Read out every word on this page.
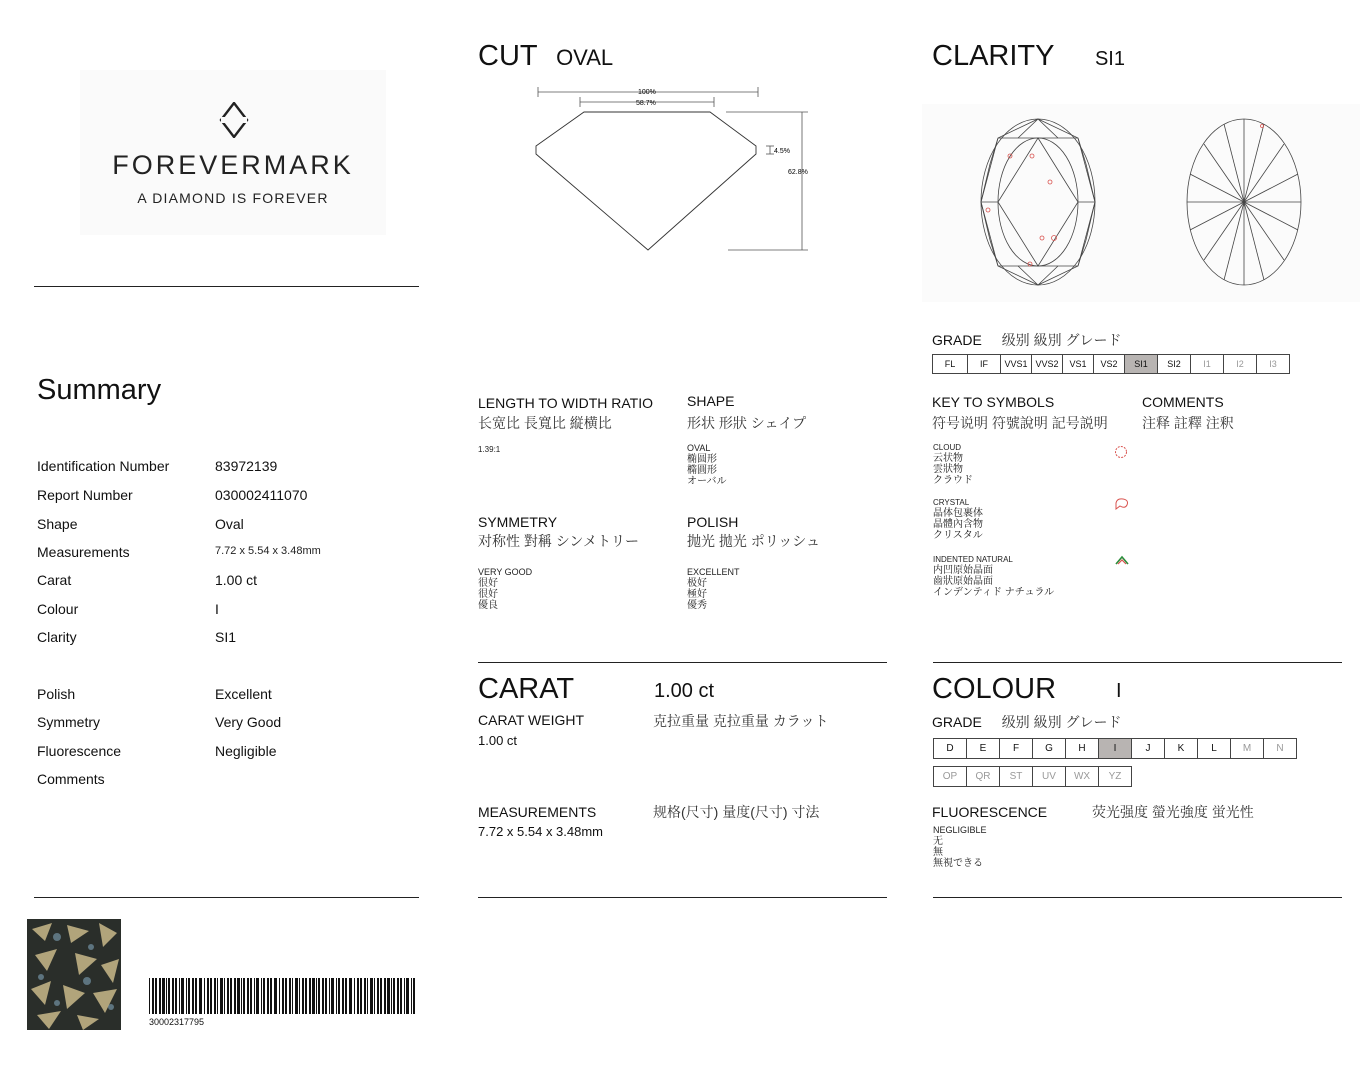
FOREVERMARK
A DIAMOND IS FOREVER
Summary
Identification Number	83972139
Report Number	030002411070
Shape	Oval
Measurements	7.72 x 5.54 x 3.48mm
Carat	1.00 ct
Colour	I
Clarity	SI1
Polish	Excellent
Symmetry	Very Good
Fluorescence	Negligible
Comments
30002317795
CUT OVAL
100%
58.7%
4.5%
62.8%
LENGTH TO WIDTH RATIO
长宽比 長寬比 縦横比
1.39:1
SHAPE
形状 形狀 シェイプ
OVAL
椭圆形
橢圓形
オーバル
SYMMETRY
对称性 對稱 シンメトリー
VERY GOOD
很好
很好
優良
POLISH
抛光 拋光 ポリッシュ
EXCELLENT
极好
極好
優秀
CARAT	1.00 ct
CARAT WEIGHT	克拉重量 克拉重量 カラット
1.00 ct
MEASUREMENTS	规格(尺寸) 量度(尺寸) 寸法
7.72 x 5.54 x 3.48mm
CLARITY SI1
GRADE 级别 級別 グレード
FL	IF	VVS1 VVS2	VS1	VS2	SI1	SI2	I1	I2	I3
KEY TO SYMBOLS
符号说明 符號說明 記号説明
COMMENTS
注释 註釋 注釈
CLOUD
云状物
雲狀物
クラウド
CRYSTAL
晶体包裹体
晶體內含物
クリスタル
INDENTED NATURAL
内凹原始晶面
齒狀原始晶面
インデンティド ナチュラル
COLOUR	I
GRADE 级别 級別 グレード
D	E	F	G	H	I	J	K	L	M	N
OP	QR	ST	UV	WX	YZ
FLUORESCENCE	荧光强度 螢光強度 蛍光性
NEGLIGIBLE
无
無
無視できる
